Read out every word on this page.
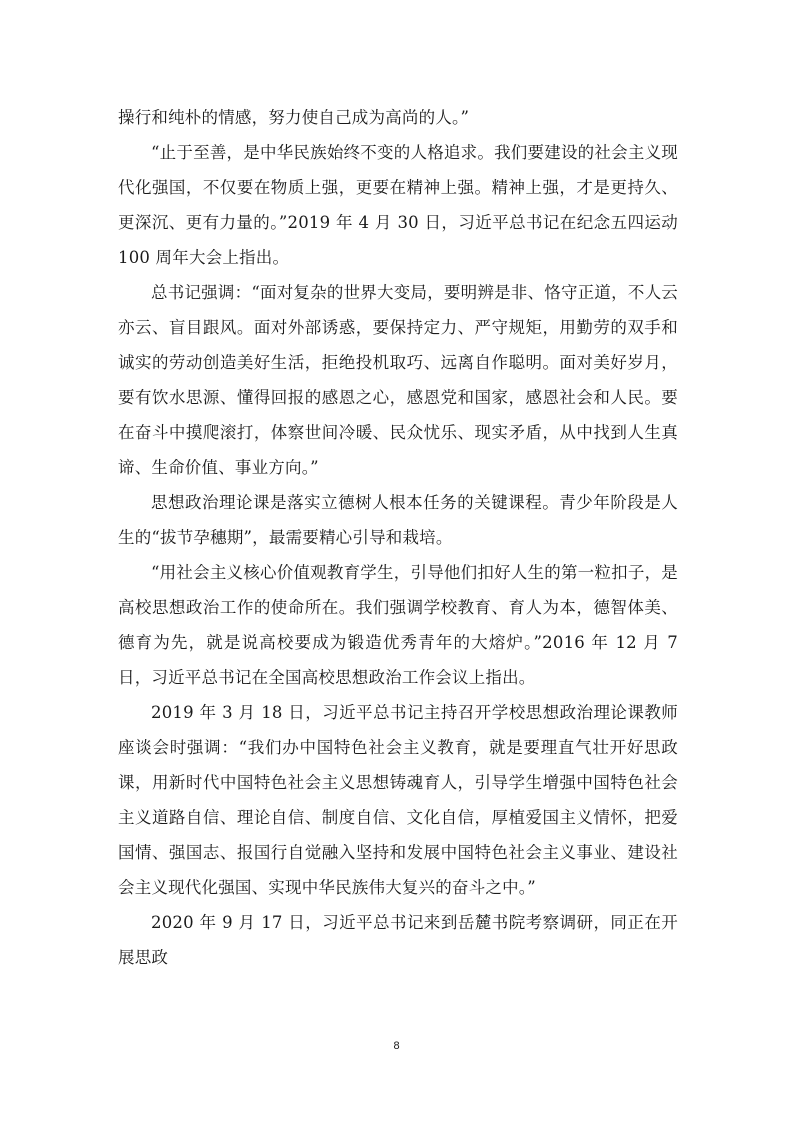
操行和纯朴的情感，努力使自己成为高尚的人。”

“止于至善，是中华民族始终不变的人格追求。我们要建设的社会主义现代化强国，不仅要在物质上强，更要在精神上强。精神上强，才是更持久、更深沉、更有力量的。”2019 年 4 月 30 日，习近平总书记在纪念五四运动 100 周年大会上指出。

总书记强调：“面对复杂的世界大变局，要明辨是非、恪守正道，不人云亦云、盲目跟风。面对外部诱惑，要保持定力、严守规矩，用勤劳的双手和诚实的劳动创造美好生活，拒绝投机取巧、远离自作聪明。面对美好岁月，要有饮水思源、懂得回报的感恩之心，感恩党和国家，感恩社会和人民。要在奋斗中摸爬滚打，体察世间冷暖、民众忧乐、现实矛盾，从中找到人生真谛、生命价值、事业方向。”

思想政治理论课是落实立德树人根本任务的关键课程。青少年阶段是人生的“拔节孕穗期”，最需要精心引导和栽培。

“用社会主义核心价值观教育学生，引导他们扣好人生的第一粒扣子，是高校思想政治工作的使命所在。我们强调学校教育、育人为本，德智体美、德育为先，就是说高校要成为锻造优秀青年的大熔炉。”2016 年 12 月 7 日，习近平总书记在全国高校思想政治工作会议上指出。

2019 年 3 月 18 日，习近平总书记主持召开学校思想政治理论课教师座谈会时强调：“我们办中国特色社会主义教育，就是要理直气壮开好思政课，用新时代中国特色社会主义思想铸魂育人，引导学生增强中国特色社会主义道路自信、理论自信、制度自信、文化自信，厚植爱国主义情怀，把爱国情、强国志、报国行自觉融入坚持和发展中国特色社会主义事业、建设社会主义现代化强国、实现中华民族伟大复兴的奋斗之中。”

2020 年 9 月 17 日，习近平总书记来到岳麓书院考察调研，同正在开展思政

8
